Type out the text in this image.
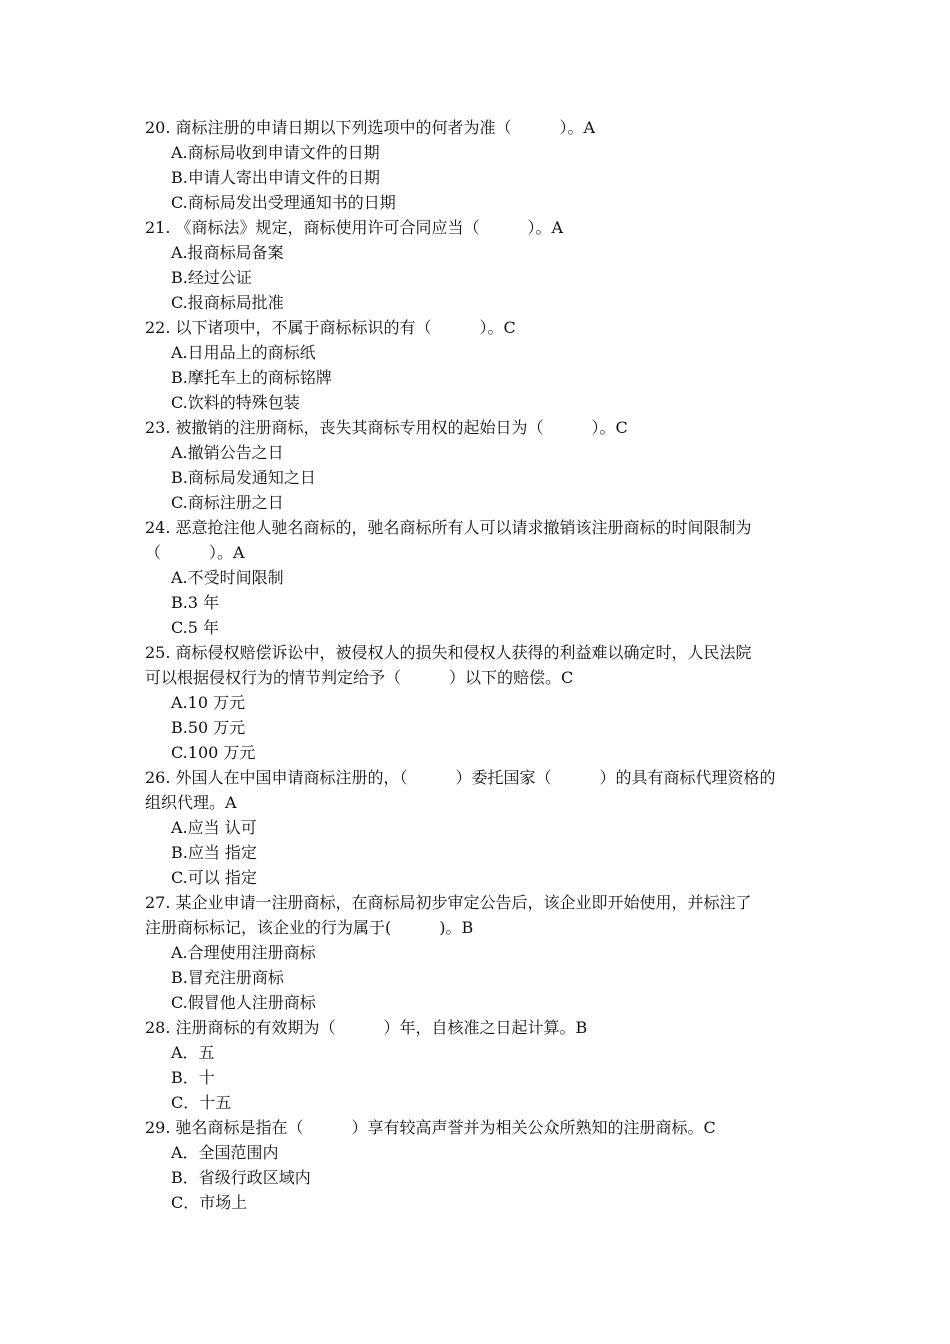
20. 商标注册的申请日期以下列选项中的何者为准（　　　）。A
A.商标局收到申请文件的日期
B.申请人寄出申请文件的日期
C.商标局发出受理通知书的日期
21. 《商标法》规定，商标使用许可合同应当（　　　）。A
A.报商标局备案
B.经过公证
C.报商标局批准
22. 以下诸项中，不属于商标标识的有（　　　）。C
A.日用品上的商标纸
B.摩托车上的商标铭牌
C.饮料的特殊包装
23. 被撤销的注册商标，丧失其商标专用权的起始日为（　　　）。C
A.撤销公告之日
B.商标局发通知之日
C.商标注册之日
24. 恶意抢注他人驰名商标的，驰名商标所有人可以请求撤销该注册商标的时间限制为
（　　　）。A
A.不受时间限制
B.3 年
C.5 年
25. 商标侵权赔偿诉讼中，被侵权人的损失和侵权人获得的利益难以确定时，人民法院
可以根据侵权行为的情节判定给予（　　　）以下的赔偿。C
A.10 万元
B.50 万元
C.100 万元
26. 外国人在中国申请商标注册的，（　　　）委托国家（　　　）的具有商标代理资格的
组织代理。A
A.应当 认可
B.应当 指定
C.可以 指定
27. 某企业申请一注册商标，在商标局初步审定公告后，该企业即开始使用，并标注了
注册商标标记，该企业的行为属于(　　　)。B
A.合理使用注册商标
B.冒充注册商标
C.假冒他人注册商标
28. 注册商标的有效期为（　　　）年，自核准之日起计算。B
A．五
B．十
C．十五
29. 驰名商标是指在（　　　）享有较高声誉并为相关公众所熟知的注册商标。C
A．全国范围内
B．省级行政区域内
C．市场上
